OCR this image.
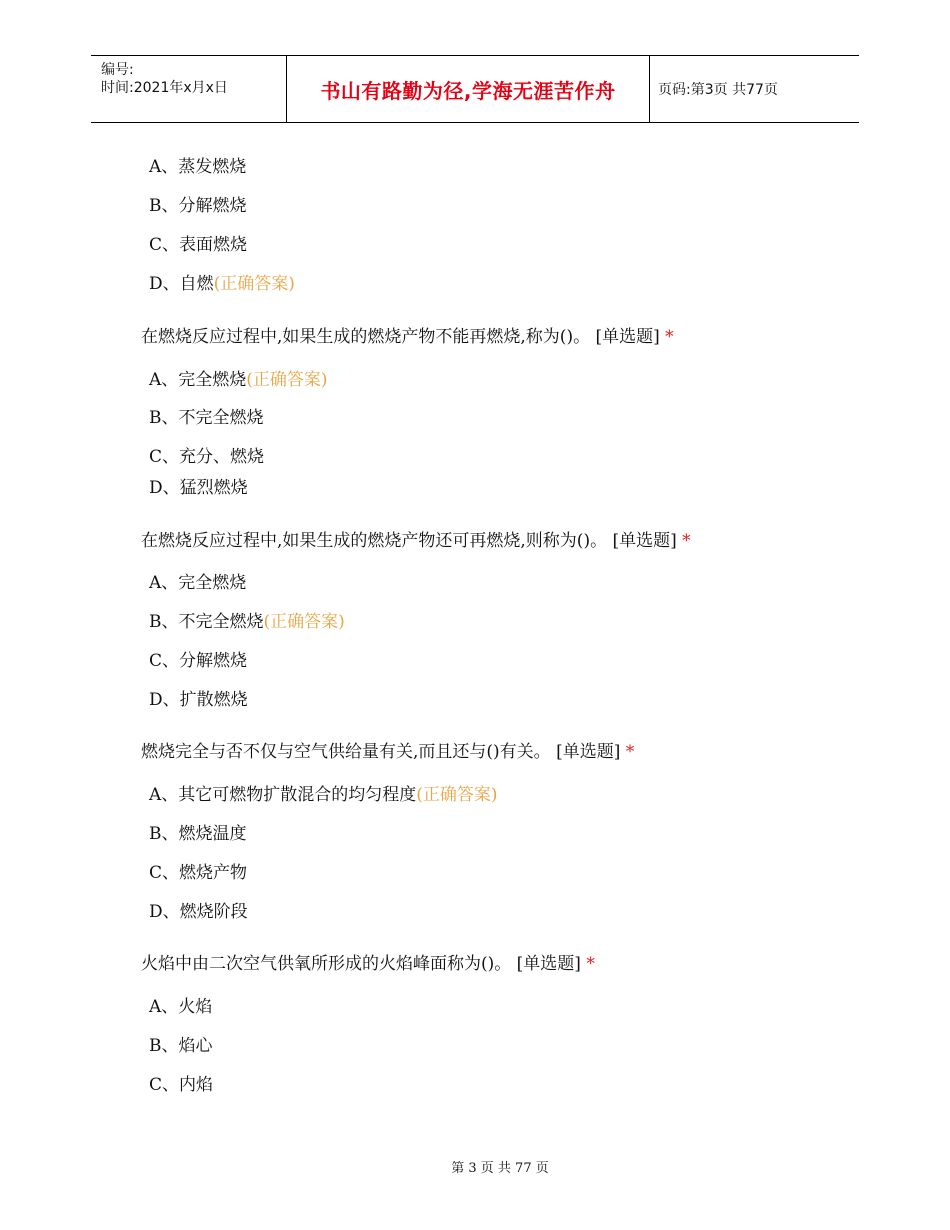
编号:
时间:2021年x月x日	书山有路勤为径,学海无涯苦作舟	页码:第3页 共77页
A、蒸发燃烧
B、分解燃烧
C、表面燃烧
D、自燃(正确答案)
在燃烧反应过程中,如果生成的燃烧产物不能再燃烧,称为()。 [单选题] *
A、完全燃烧(正确答案)
B、不完全燃烧
C、充分、燃烧
D、猛烈燃烧
在燃烧反应过程中,如果生成的燃烧产物还可再燃烧,则称为()。 [单选题] *
A、完全燃烧
B、不完全燃烧(正确答案)
C、分解燃烧
D、扩散燃烧
燃烧完全与否不仅与空气供给量有关,而且还与()有关。 [单选题] *
A、其它可燃物扩散混合的均匀程度(正确答案)
B、燃烧温度
C、燃烧产物
D、燃烧阶段
火焰中由二次空气供氧所形成的火焰峰面称为()。 [单选题] *
A、火焰
B、焰心
C、内焰
第 3 页 共 77 页
